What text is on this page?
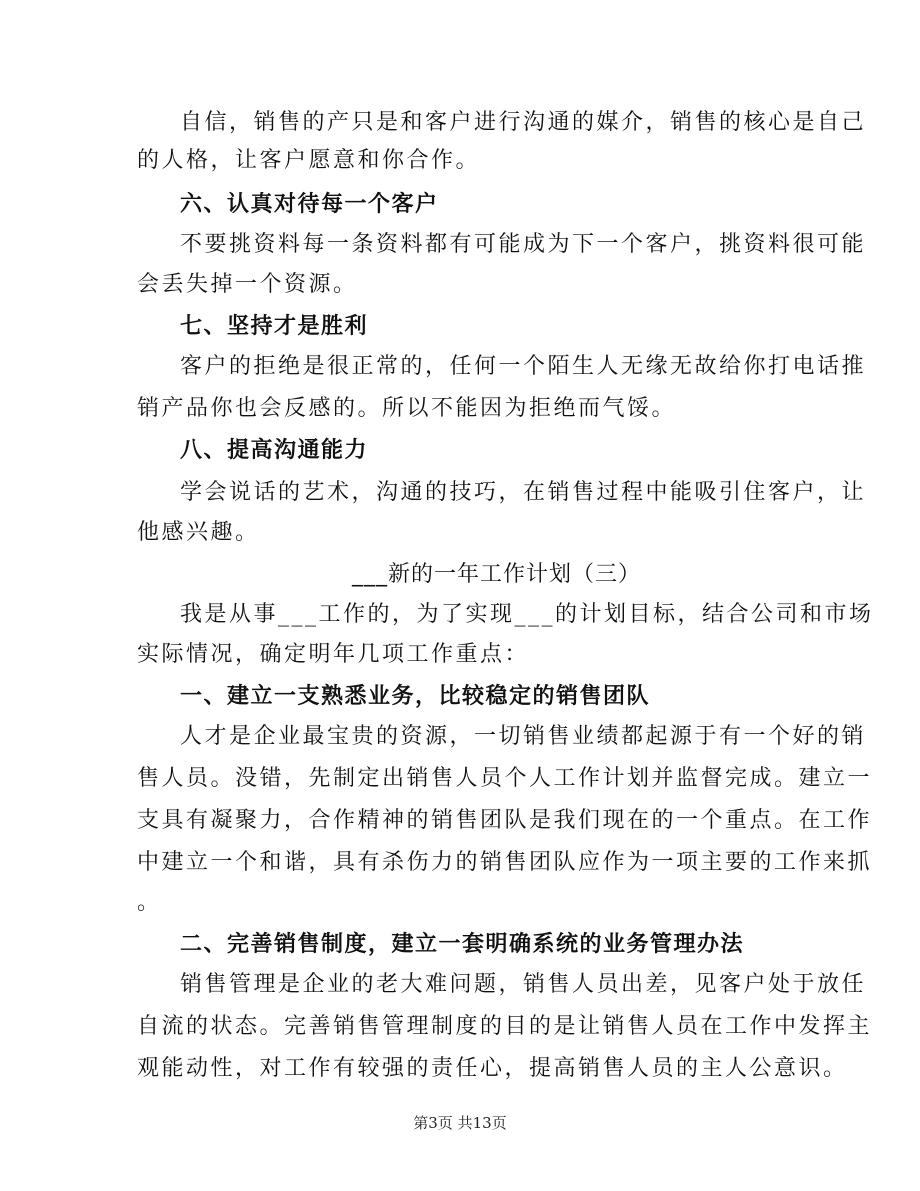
自信，销售的产只是和客户进行沟通的媒介，销售的核心是自己
的人格，让客户愿意和你合作。
六、认真对待每一个客户
不要挑资料每一条资料都有可能成为下一个客户，挑资料很可能
会丢失掉一个资源。
七、坚持才是胜利
客户的拒绝是很正常的，任何一个陌生人无缘无故给你打电话推
销产品你也会反感的。所以不能因为拒绝而气馁。
八、提高沟通能力
学会说话的艺术，沟通的技巧，在销售过程中能吸引住客户，让
他感兴趣。
___新的一年工作计划（三）
我是从事___工作的，为了实现___的计划目标，结合公司和市场
实际情况，确定明年几项工作重点：
一、建立一支熟悉业务，比较稳定的销售团队
人才是企业最宝贵的资源，一切销售业绩都起源于有一个好的销
售人员。没错，先制定出销售人员个人工作计划并监督完成。建立一
支具有凝聚力，合作精神的销售团队是我们现在的一个重点。在工作
中建立一个和谐，具有杀伤力的销售团队应作为一项主要的工作来抓
。
二、完善销售制度，建立一套明确系统的业务管理办法
销售管理是企业的老大难问题，销售人员出差，见客户处于放任
自流的状态。完善销售管理制度的目的是让销售人员在工作中发挥主
观能动性，对工作有较强的责任心，提高销售人员的主人公意识。
第3页 共13页
